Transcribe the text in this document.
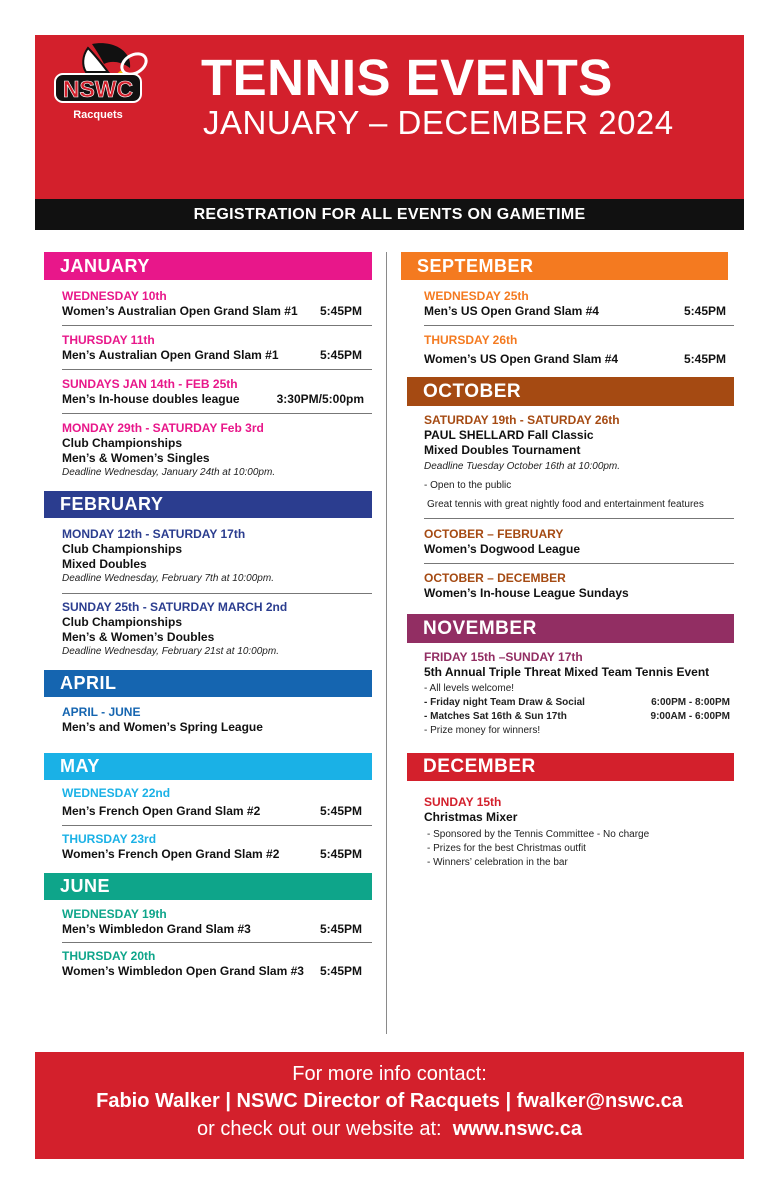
NSWC
Racquets
TENNIS EVENTS
JANUARY – DECEMBER 2024
REGISTRATION FOR ALL EVENTS ON GAMETIME
JANUARY
WEDNESDAY 10th
Women’s Australian Open Grand Slam #1 5:45PM
THURSDAY 11th
Men’s Australian Open Grand Slam #1	5:45PM
SUNDAYS JAN 14th - FEB 25th
Men’s In-house doubles league	3:30PM/5:00pm
MONDAY 29th - SATURDAY Feb 3rd
Club Championships
Men’s & Women’s Singles
Deadline Wednesday, January 24th at 10:00pm.
FEBRUARY
MONDAY 12th - SATURDAY 17th
Club Championships
Mixed Doubles
Deadline Wednesday, February 7th at 10:00pm.
SUNDAY 25th - SATURDAY MARCH 2nd
Club Championships
Men’s & Women’s Doubles
Deadline Wednesday, February 21st at 10:00pm.
APRIL
APRIL - JUNE
Men’s and Women’s Spring League
MAY
WEDNESDAY 22nd
Men’s French Open Grand Slam #2	5:45PM
THURSDAY 23rd
Women’s French Open Grand Slam #2	5:45PM
JUNE
WEDNESDAY 19th
Men’s Wimbledon Grand Slam #3	5:45PM
THURSDAY 20th
Women’s Wimbledon Open Grand Slam #3 5:45PM
SEPTEMBER
WEDNESDAY 25th
Men’s US Open Grand Slam #4	5:45PM
THURSDAY 26th
Women’s US Open Grand Slam #4	5:45PM
OCTOBER
SATURDAY 19th - SATURDAY 26th
PAUL SHELLARD Fall Classic
Mixed Doubles Tournament
Deadline Tuesday October 16th at 10:00pm.
- Open to the public
Great tennis with great nightly food and entertainment features
OCTOBER – FEBRUARY
Women’s Dogwood League
OCTOBER – DECEMBER
Women’s In-house League Sundays
NOVEMBER
FRIDAY 15th –SUNDAY 17th
5th Annual Triple Threat Mixed Team Tennis Event
- All levels welcome!
- Friday night Team Draw & Social	6:00PM - 8:00PM
- Matches Sat 16th & Sun 17th	9:00AM - 6:00PM
- Prize money for winners!
DECEMBER
SUNDAY 15th
Christmas Mixer
- Sponsored by the Tennis Committee - No charge
- Prizes for the best Christmas outfit
- Winners’ celebration in the bar
For more info contact:
Fabio Walker | NSWC Director of Racquets | fwalker@nswc.ca
or check out our website at: www.nswc.ca
